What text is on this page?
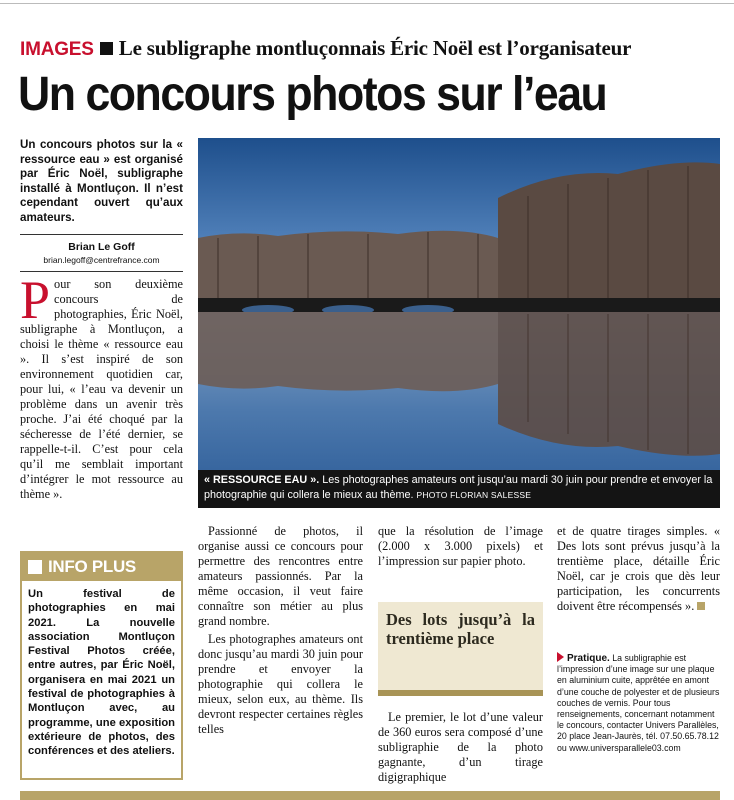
IMAGES Le subligraphe montluçonnais Éric Noël est l’organisateur
Un concours photos sur l’eau
Un concours photos sur la « ressource eau » est organisé par Éric Noël, subligraphe installé à Montluçon. Il n’est cependant ouvert qu’aux amateurs.
Brian Le Goff
brian.legoff@centrefrance.com
Pour son deuxième concours de photographies, Éric Noël, subligraphe à Montluçon, a choisi le thème « ressource eau ». Il s’est inspiré de son environnement quotidien car, pour lui, « l’eau va devenir un problème dans un avenir très proche. J’ai été choqué par la sécheresse de l’été dernier, se rappelle-t-il. C’est pour cela qu’il me semblait important d’intégrer le mot ressource au thème ».
INFO PLUS
Un festival de photographies en mai 2021. La nouvelle association Montluçon Festival Photos créée, entre autres, par Éric Noël, organisera en mai 2021 un festival de photographies à Montluçon avec, au programme, une exposition extérieure de photos, des conférences et des ateliers.
« RESSOURCE EAU ». Les photographes amateurs ont jusqu’au mardi 30 juin pour prendre et envoyer la photographie qui collera le mieux au thème. PHOTO FLORIAN SALESSE

Passionné de photos, il organise aussi ce concours pour permettre des rencontres entre amateurs passionnés. Par la même occasion, il veut faire connaître son métier au plus grand nombre.

Les photographes amateurs ont donc jusqu’au mardi 30 juin pour prendre et envoyer la photographie qui collera le mieux, selon eux, au thème. Ils devront respecter certaines règles telles

que la résolution de l’image (2.000 x 3.000 pixels) et l’impression sur papier photo.
Des lots jusqu’à la trentième place
Le premier, le lot d’une valeur de 360 euros sera composé d’une subligraphie de la photo gagnante, d’un tirage digigraphique
et de quatre tirages simples. « Des lots sont prévus jusqu’à la trentième place, détaille Éric Noël, car je crois que dès leur participation, les concurrents doivent être récompensés ».
Pratique. La subligraphie est l’impression d’une image sur une plaque en aluminium cuite, apprêtée en amont d’une couche de polyester et de plusieurs couches de vernis. Pour tous renseignements, concernant notamment le concours, contacter Univers Parallèles, 20 place Jean-Jaurès, tél. 07.50.65.78.12 ou www.universparallele03.com
